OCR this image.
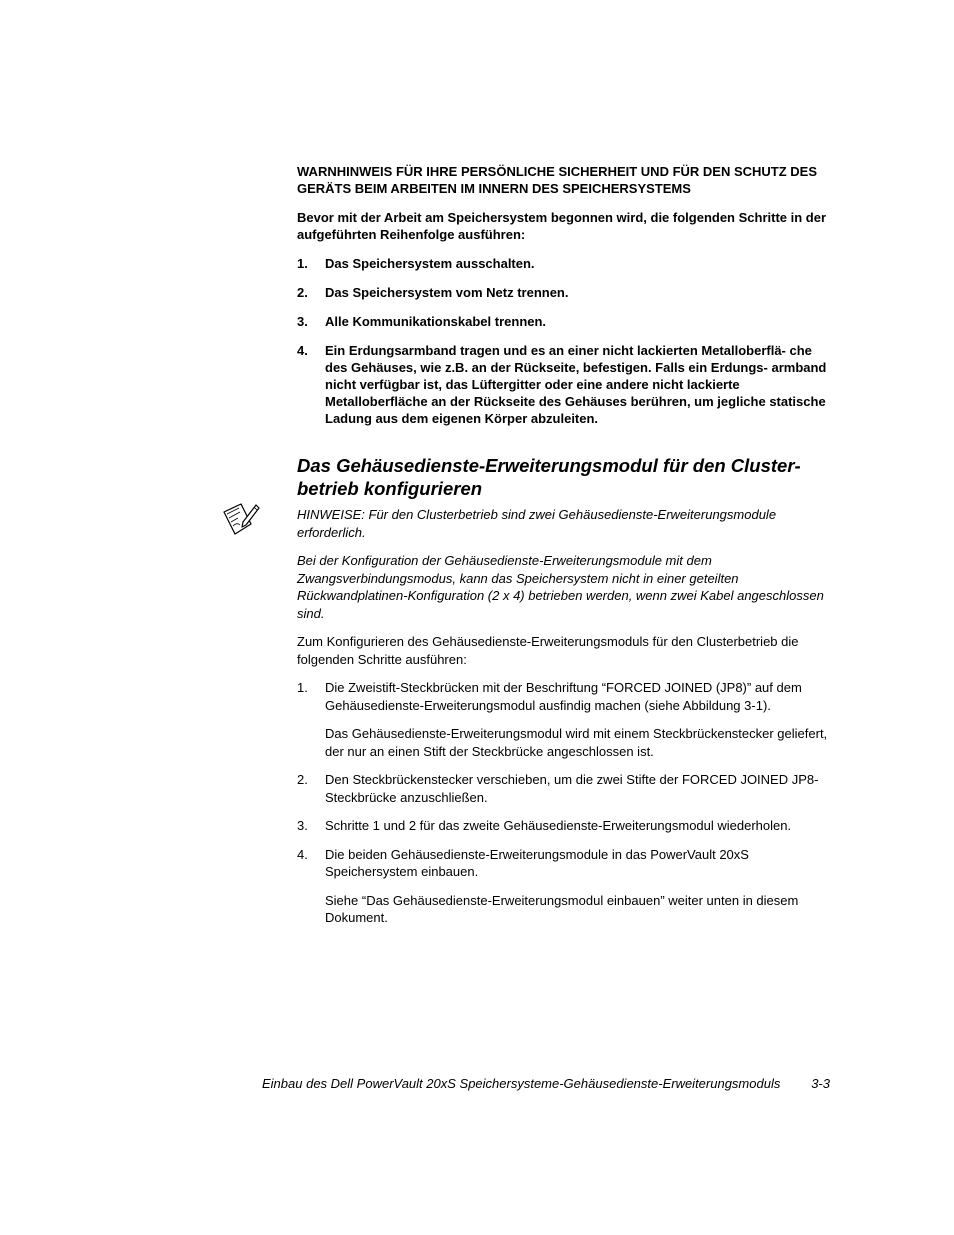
WARNHINWEIS FÜR IHRE PERSÖNLICHE SICHERHEIT UND FÜR DEN SCHUTZ DES GERÄTS BEIM ARBEITEN IM INNERN DES SPEICHERSYSTEMS

Bevor mit der Arbeit am Speichersystem begonnen wird, die folgenden Schritte in der aufgeführten Reihenfolge ausführen:

1.	Das Speichersystem ausschalten.
2.	Das Speichersystem vom Netz trennen.
3.	Alle Kommunikationskabel trennen.
4.	Ein Erdungsarmband tragen und es an einer nicht lackierten Metalloberflä- che des Gehäuses, wie z.B. an der Rückseite, befestigen. Falls ein Erdungs- armband nicht verfügbar ist, das Lüftergitter oder eine andere nicht lackierte Metalloberfläche an der Rückseite des Gehäuses berühren, um jegliche statische Ladung aus dem eigenen Körper abzuleiten.
Das Gehäusedienste-Erweiterungsmodul für den Cluster- betrieb konfigurieren

HINWEISE: Für den Clusterbetrieb sind zwei Gehäusedienste-Erweiterungsmodule erforderlich.

Bei der Konfiguration der Gehäusedienste-Erweiterungsmodule mit dem Zwangsverbindungsmodus, kann das Speichersystem nicht in einer geteilten Rückwandplatinen-Konfiguration (2 x 4) betrieben werden, wenn zwei Kabel angeschlossen sind.

Zum Konfigurieren des Gehäusedienste-Erweiterungsmoduls für den Clusterbetrieb die folgenden Schritte ausführen:

1.	Die Zweistift-Steckbrücken mit der Beschriftung “FORCED JOINED (JP8)” auf dem Gehäusedienste-Erweiterungsmodul ausfindig machen (siehe Abbildung 3-1).
Das Gehäusedienste-Erweiterungsmodul wird mit einem Steckbrückenstecker geliefert, der nur an einen Stift der Steckbrücke angeschlossen ist.
2.	Den Steckbrückenstecker verschieben, um die zwei Stifte der FORCED JOINED JP8- Steckbrücke anzuschließen.
3.	Schritte 1 und 2 für das zweite Gehäusedienste-Erweiterungsmodul wiederholen.
4.	Die beiden Gehäusedienste-Erweiterungsmodule in das PowerVault 20xS Speichersystem einbauen.
Siehe “Das Gehäusedienste-Erweiterungsmodul einbauen” weiter unten in diesem Dokument.
Einbau des Dell PowerVault 20xS Speichersysteme-Gehäusedienste-Erweiterungsmoduls 3-3
